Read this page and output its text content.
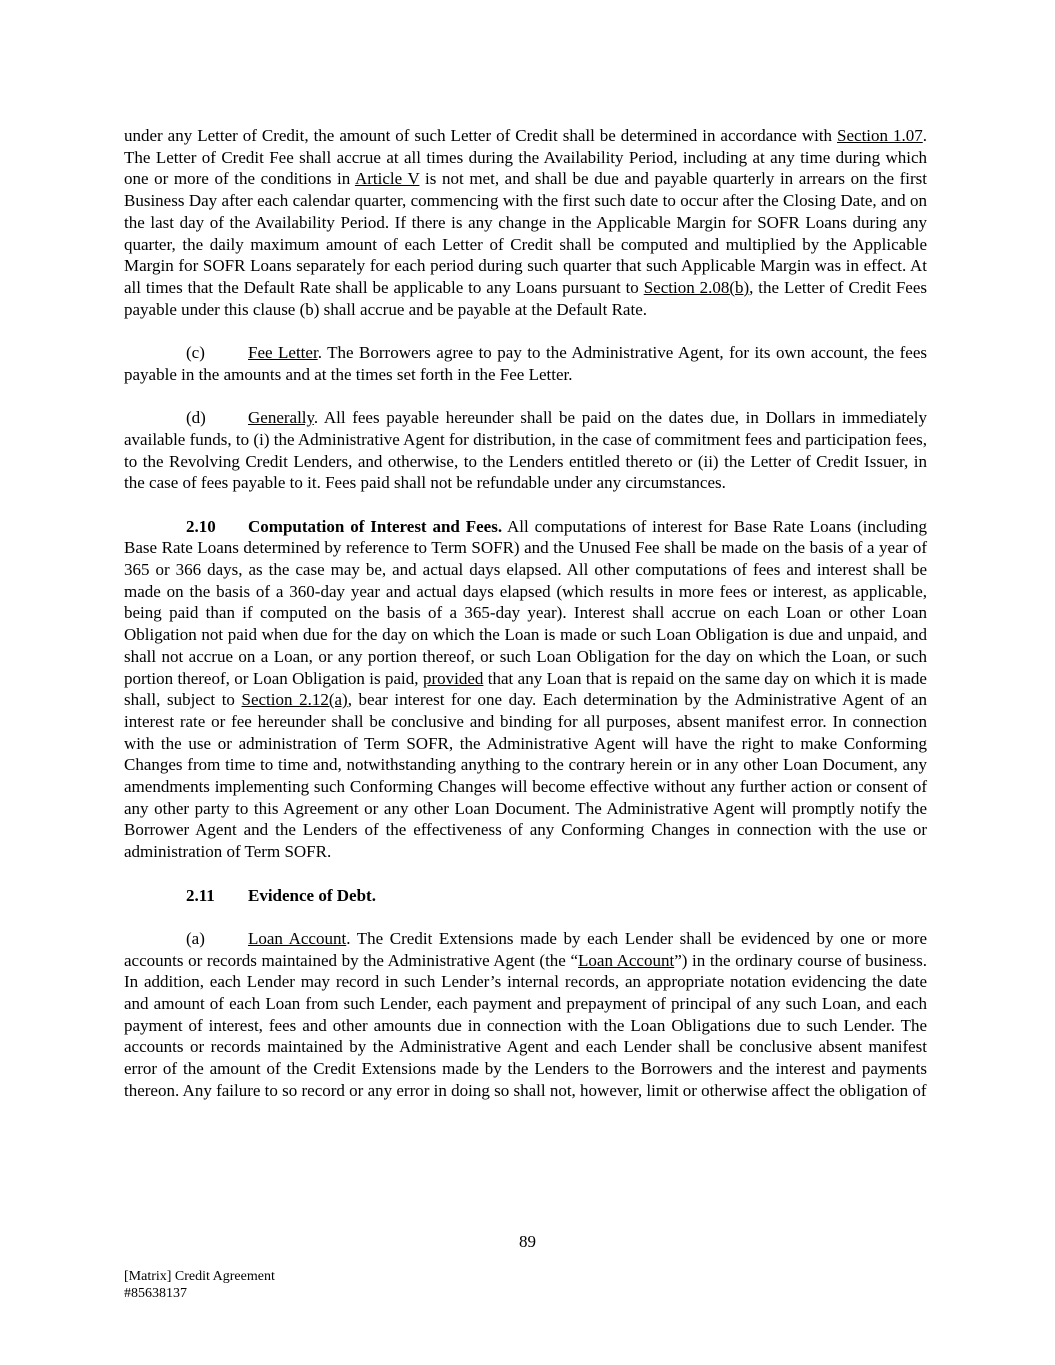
under any Letter of Credit, the amount of such Letter of Credit shall be determined in accordance with Section 1.07. The Letter of Credit Fee shall accrue at all times during the Availability Period, including at any time during which one or more of the conditions in Article V is not met, and shall be due and payable quarterly in arrears on the first Business Day after each calendar quarter, commencing with the first such date to occur after the Closing Date, and on the last day of the Availability Period. If there is any change in the Applicable Margin for SOFR Loans during any quarter, the daily maximum amount of each Letter of Credit shall be computed and multiplied by the Applicable Margin for SOFR Loans separately for each period during such quarter that such Applicable Margin was in effect. At all times that the Default Rate shall be applicable to any Loans pursuant to Section 2.08(b), the Letter of Credit Fees payable under this clause (b) shall accrue and be payable at the Default Rate.

(c)	Fee Letter. The Borrowers agree to pay to the Administrative Agent, for its own account, the fees payable in the amounts and at the times set forth in the Fee Letter.

(d) Generally. All fees payable hereunder shall be paid on the dates due, in Dollars in immediately available funds, to (i) the Administrative Agent for distribution, in the case of commitment fees and participation fees, to the Revolving Credit Lenders, and otherwise, to the Lenders entitled thereto or (ii) the Letter of Credit Issuer, in the case of fees payable to it. Fees paid shall not be refundable under any circumstances.

2.10 Computation of Interest and Fees. All computations of interest for Base Rate Loans (including Base Rate Loans determined by reference to Term SOFR) and the Unused Fee shall be made on the basis of a year of 365 or 366 days, as the case may be, and actual days elapsed. All other computations of fees and interest shall be made on the basis of a 360-day year and actual days elapsed (which results in more fees or interest, as applicable, being paid than if computed on the basis of a 365-day year). Interest shall accrue on each Loan or other Loan Obligation not paid when due for the day on which the Loan is made or such Loan Obligation is due and unpaid, and shall not accrue on a Loan, or any portion thereof, or such Loan Obligation for the day on which the Loan, or such portion thereof, or Loan Obligation is paid, provided that any Loan that is repaid on the same day on which it is made shall, subject to Section 2.12(a), bear interest for one day. Each determination by the Administrative Agent of an interest rate or fee hereunder shall be conclusive and binding for all purposes, absent manifest error. In connection with the use or administration of Term SOFR, the Administrative Agent will have the right to make Conforming Changes from time to time and, notwithstanding anything to the contrary herein or in any other Loan Document, any amendments implementing such Conforming Changes will become effective without any further action or consent of any other party to this Agreement or any other Loan Document. The Administrative Agent will promptly notify the Borrower Agent and the Lenders of the effectiveness of any Conforming Changes in connection with the use or administration of Term SOFR.

2.11 Evidence of Debt.

(a)	Loan Account. The Credit Extensions made by each Lender shall be evidenced by one or more accounts or records maintained by the Administrative Agent (the “Loan Account”) in the ordinary course of business. In addition, each Lender may record in such Lender’s internal records, an appropriate notation evidencing the date and amount of each Loan from such Lender, each payment and prepayment of principal of any such Loan, and each payment of interest, fees and other amounts due in connection with the Loan Obligations due to such Lender. The accounts or records maintained by the Administrative Agent and each Lender shall be conclusive absent manifest error of the amount of the Credit Extensions made by the Lenders to the Borrowers and the interest and payments thereon. Any failure to so record or any error in doing so shall not, however, limit or otherwise affect the obligation of

89
[Matrix] Credit Agreement
#85638137
